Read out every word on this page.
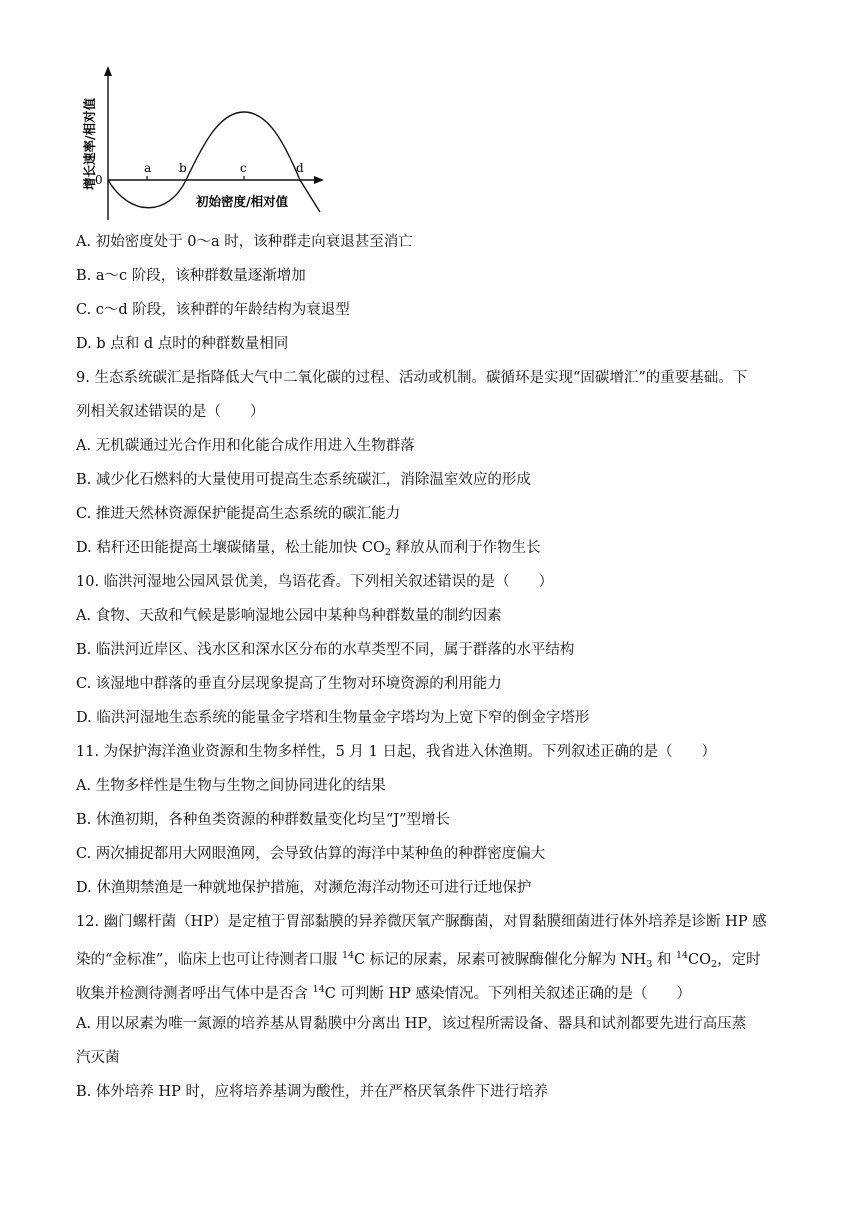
a b	c	d
0
初始密度/相对值
增长速率/相对值
A. 初始密度处于 0～a 时，该种群走向衰退甚至消亡
B. a～c 阶段，该种群数量逐渐增加
C. c～d 阶段，该种群的年龄结构为衰退型
D. b 点和 d 点时的种群数量相同
9. 生态系统碳汇是指降低大气中二氧化碳的过程、活动或机制。碳循环是实现“固碳增汇”的重要基础。下
列相关叙述错误的是（　　）
A. 无机碳通过光合作用和化能合成作用进入生物群落
B. 减少化石燃料的大量使用可提高生态系统碳汇，消除温室效应的形成
C. 推进天然林资源保护能提高生态系统的碳汇能力
D. 秸秆还田能提高土壤碳储量，松土能加快 $CO_2$ 释放从而利于作物生长
10. 临洪河湿地公园风景优美，鸟语花香。下列相关叙述错误的是（　　）
A. 食物、天敌和气候是影响湿地公园中某种鸟种群数量的制约因素
B. 临洪河近岸区、浅水区和深水区分布的水草类型不同，属于群落的水平结构
C. 该湿地中群落的垂直分层现象提高了生物对环境资源的利用能力
D. 临洪河湿地生态系统的能量金字塔和生物量金字塔均为上宽下窄的倒金字塔形
11. 为保护海洋渔业资源和生物多样性，5 月 1 日起，我省进入休渔期。下列叙述正确的是（　　）
A. 生物多样性是生物与生物之间协同进化的结果
B. 休渔初期，各种鱼类资源的种群数量变化均呈“J”型增长
C. 两次捕捉都用大网眼渔网，会导致估算的海洋中某种鱼的种群密度偏大
D. 休渔期禁渔是一种就地保护措施，对濒危海洋动物还可进行迁地保护
12. 幽门螺杆菌（HP）是定植于胃部黏膜的异养微厌氧产脲酶菌，对胃黏膜细菌进行体外培养是诊断 HP 感
染的“金标准”，临床上也可让待测者口服 $^{14}$C 标记的尿素，尿素可被脲酶催化分解为 $NH_3$ 和 $^{14}CO_2$，定时
收集并检测待测者呼出气体中是否含 $^{14}$C 可判断 HP 感染情况。下列相关叙述正确的是（　　）
A. 用以尿素为唯一氮源的培养基从胃黏膜中分离出 HP，该过程所需设备、器具和试剂都要先进行高压蒸
汽灭菌
B. 体外培养 HP 时，应将培养基调为酸性，并在严格厌氧条件下进行培养
